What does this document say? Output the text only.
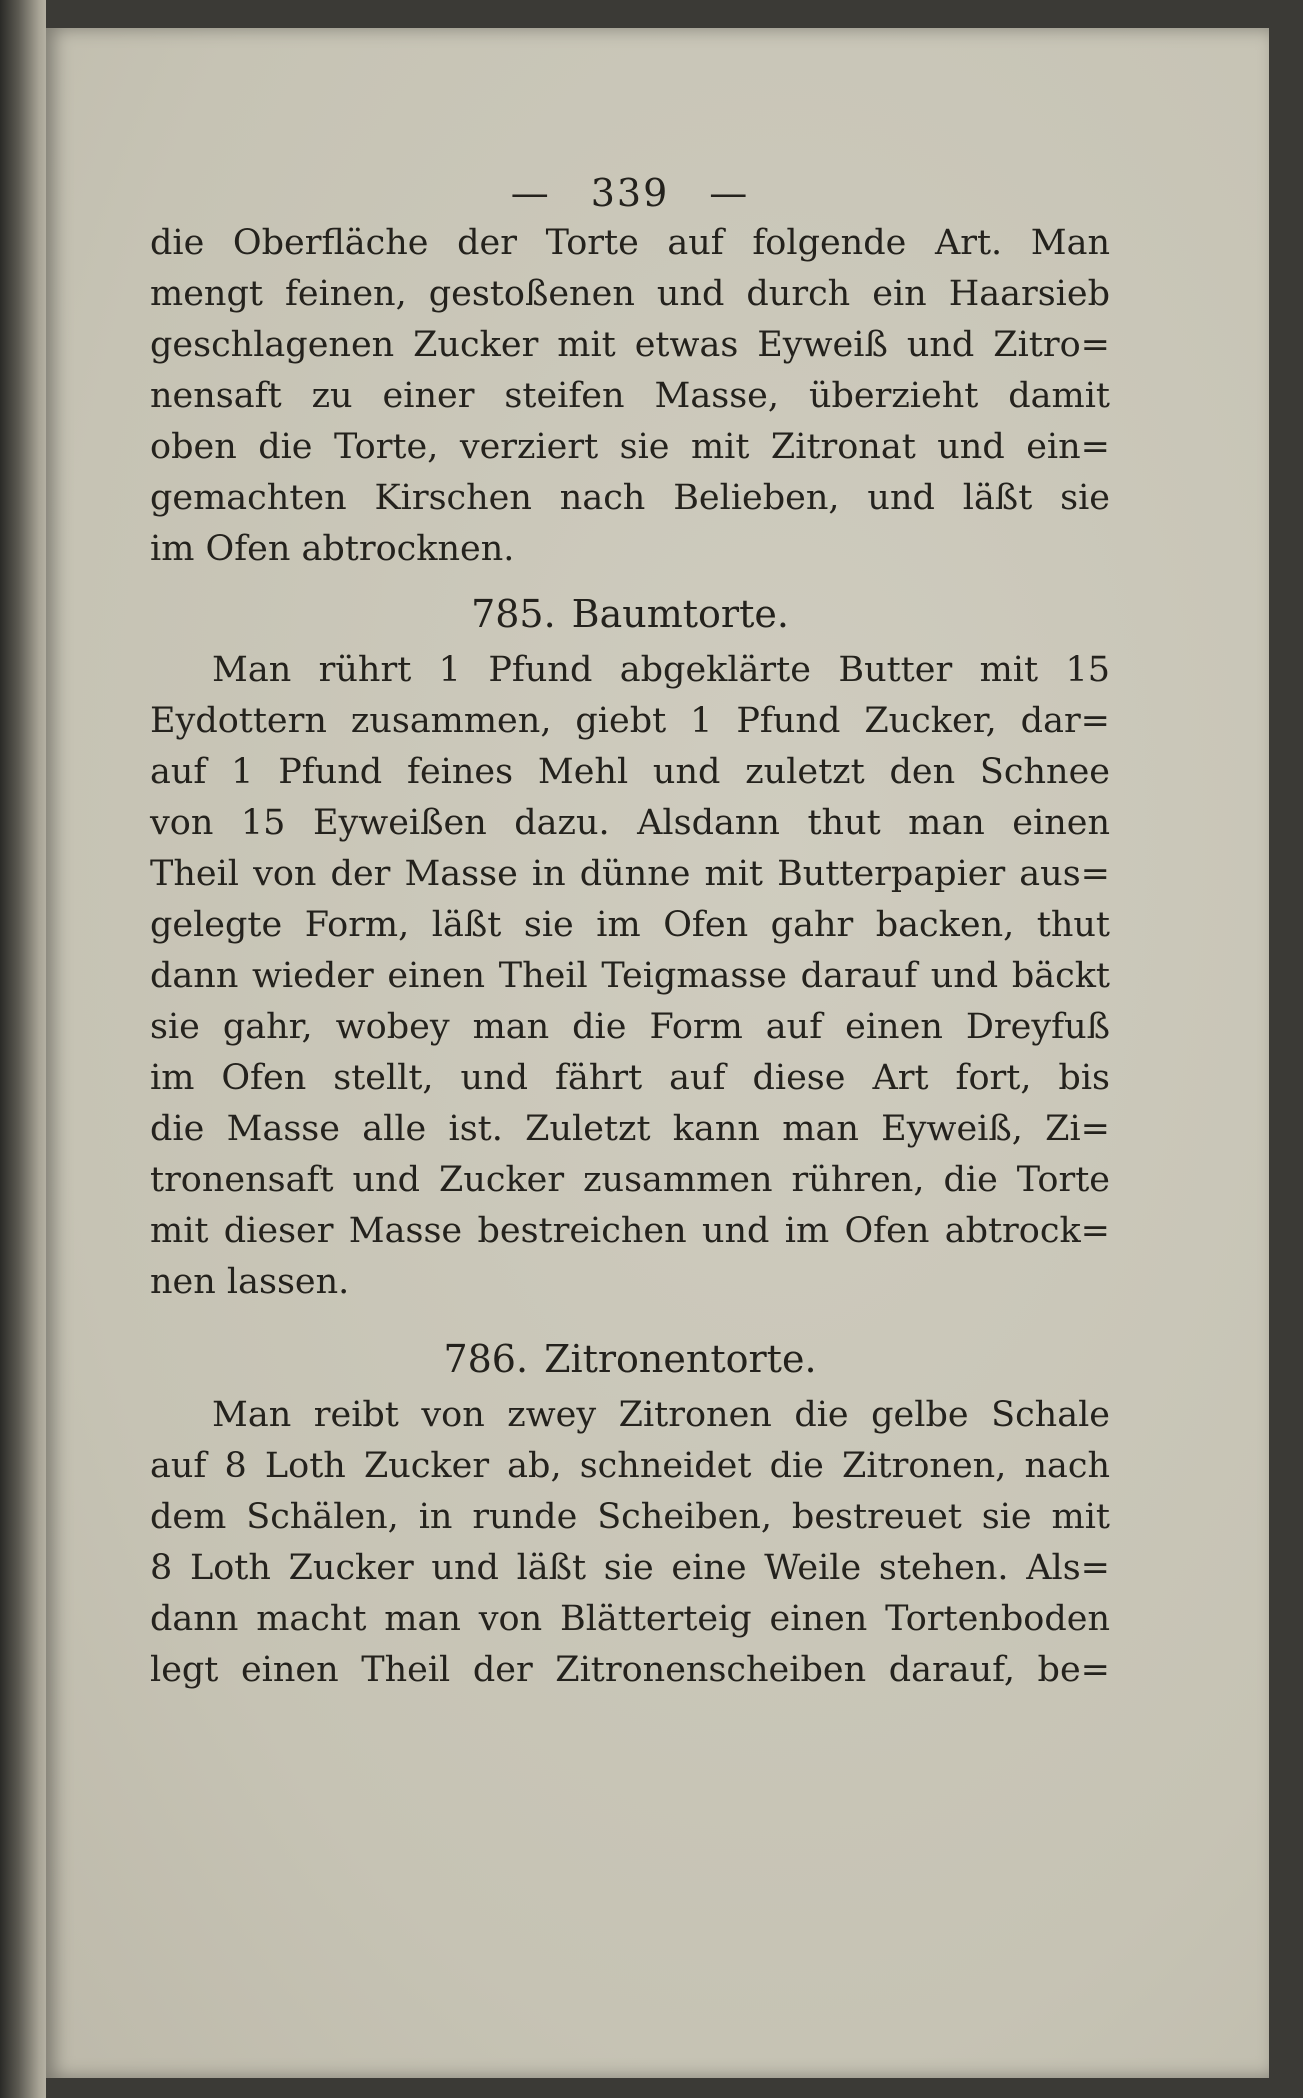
— 339 —
die Oberfläche der Torte auf folgende Art. Man
mengt feinen, gestoßenen und durch ein Haarsieb
geschlagenen Zucker mit etwas Eyweiß und Zitro=
nensaft zu einer steifen Masse, überzieht damit
oben die Torte, verziert sie mit Zitronat und ein=
gemachten Kirschen nach Belieben, und läßt sie
im Ofen abtrocknen.
785. Baumtorte.
Man rührt 1 Pfund abgeklärte Butter mit 15
Eydottern zusammen, giebt 1 Pfund Zucker, dar=
auf 1 Pfund feines Mehl und zuletzt den Schnee
von 15 Eyweißen dazu. Alsdann thut man einen
Theil von der Masse in dünne mit Butterpapier aus=
gelegte Form, läßt sie im Ofen gahr backen, thut
dann wieder einen Theil Teigmasse darauf und bäckt
sie gahr, wobey man die Form auf einen Dreyfuß
im Ofen stellt, und fährt auf diese Art fort, bis
die Masse alle ist. Zuletzt kann man Eyweiß, Zi=
tronensaft und Zucker zusammen rühren, die Torte
mit dieser Masse bestreichen und im Ofen abtrock=
nen lassen.
786. Zitronentorte.
Man reibt von zwey Zitronen die gelbe Schale
auf 8 Loth Zucker ab, schneidet die Zitronen, nach
dem Schälen, in runde Scheiben, bestreuet sie mit
8 Loth Zucker und läßt sie eine Weile stehen. Als=
dann macht man von Blätterteig einen Tortenboden
legt einen Theil der Zitronenscheiben darauf, be=
